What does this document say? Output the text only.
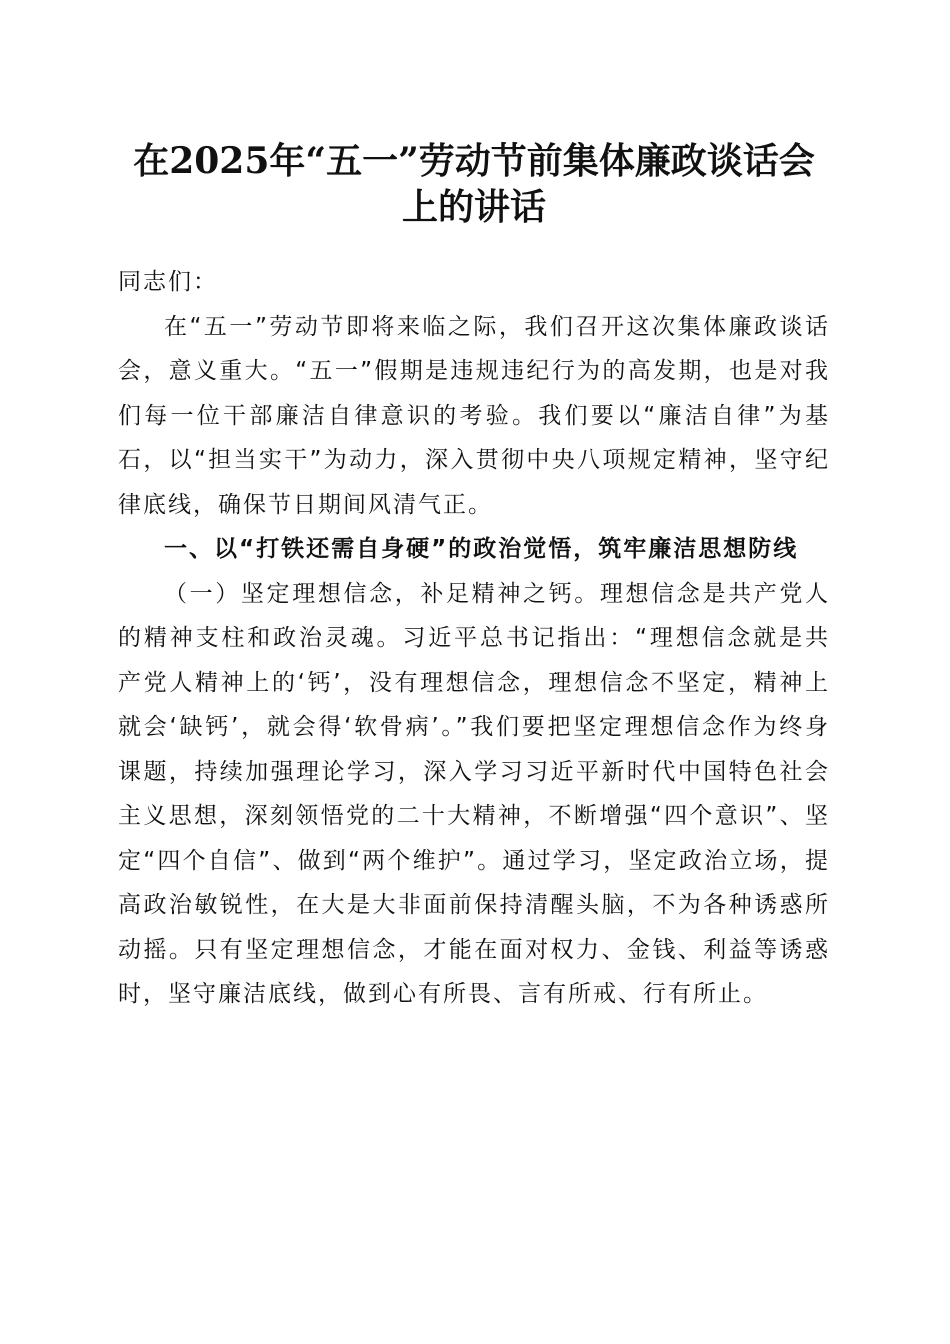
在2025年“五一”劳动节前集体廉政谈话会
上的讲话

同志们：

在“五一”劳动节即将来临之际，我们召开这次集体廉政谈话会，意义重大。“五一”假期是违规违纪行为的高发期，也是对我们每一位干部廉洁自律意识的考验。我们要以“廉洁自律”为基石，以“担当实干”为动力，深入贯彻中央八项规定精神，坚守纪律底线，确保节日期间风清气正。

一、以“打铁还需自身硬”的政治觉悟，筑牢廉洁思想防线

（一）坚定理想信念，补足精神之钙。理想信念是共产党人的精神支柱和政治灵魂。习近平总书记指出：“理想信念就是共产党人精神上的‘钙’，没有理想信念，理想信念不坚定，精神上就会‘缺钙’，就会得‘软骨病’。”我们要把坚定理想信念作为终身课题，持续加强理论学习，深入学习习近平新时代中国特色社会主义思想，深刻领悟党的二十大精神，不断增强“四个意识”、坚定“四个自信”、做到“两个维护”。通过学习，坚定政治立场，提高政治敏锐性，在大是大非面前保持清醒头脑，不为各种诱惑所动摇。只有坚定理想信念，才能在面对权力、金钱、利益等诱惑时，坚守廉洁底线，做到心有所畏、言有所戒、行有所止。
